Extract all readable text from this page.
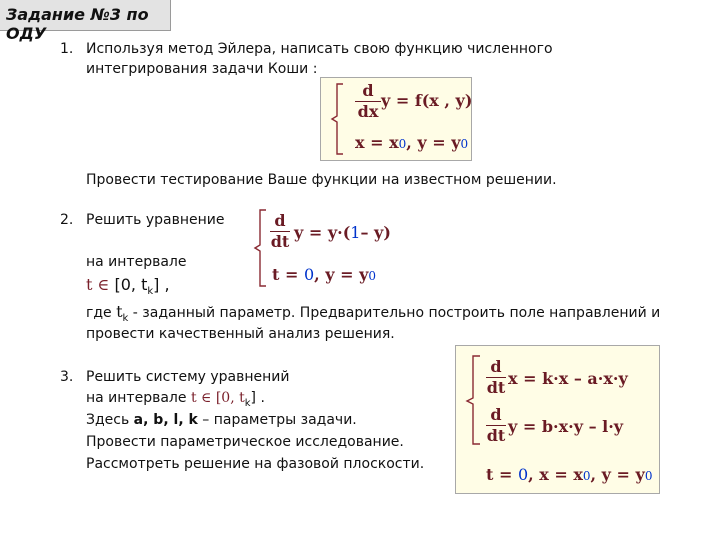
Задание №3 по ОДУ
1. Используя метод Эйлера, написать свою функцию численного
интегрирования задачи Коши :
d
dx
y = f(x , y)
x = x0, y = y0
Провести тестирование Ваше функции на известном решении.
2. Решить уравнение	d
dt y = y·(1– y)
t = 0, y = y0
на интервале
t ∈ [0, $t_k$] ,
где $t_k$ - заданный параметр. Предварительно построить поле направлений и
провести качественный анализ решения.
3. Решить систему уравнений
на интервале t ∈ [0, $t_k$] .
Здесь a, b, l, k – параметры задачи.
Провести параметрическое исследование.
Рассмотреть решение на фазовой плоскости.
d
dt x = k·x – a·x·y
d
dt y = b·x·y – l·y
t = 0, x = x0, y = y0
